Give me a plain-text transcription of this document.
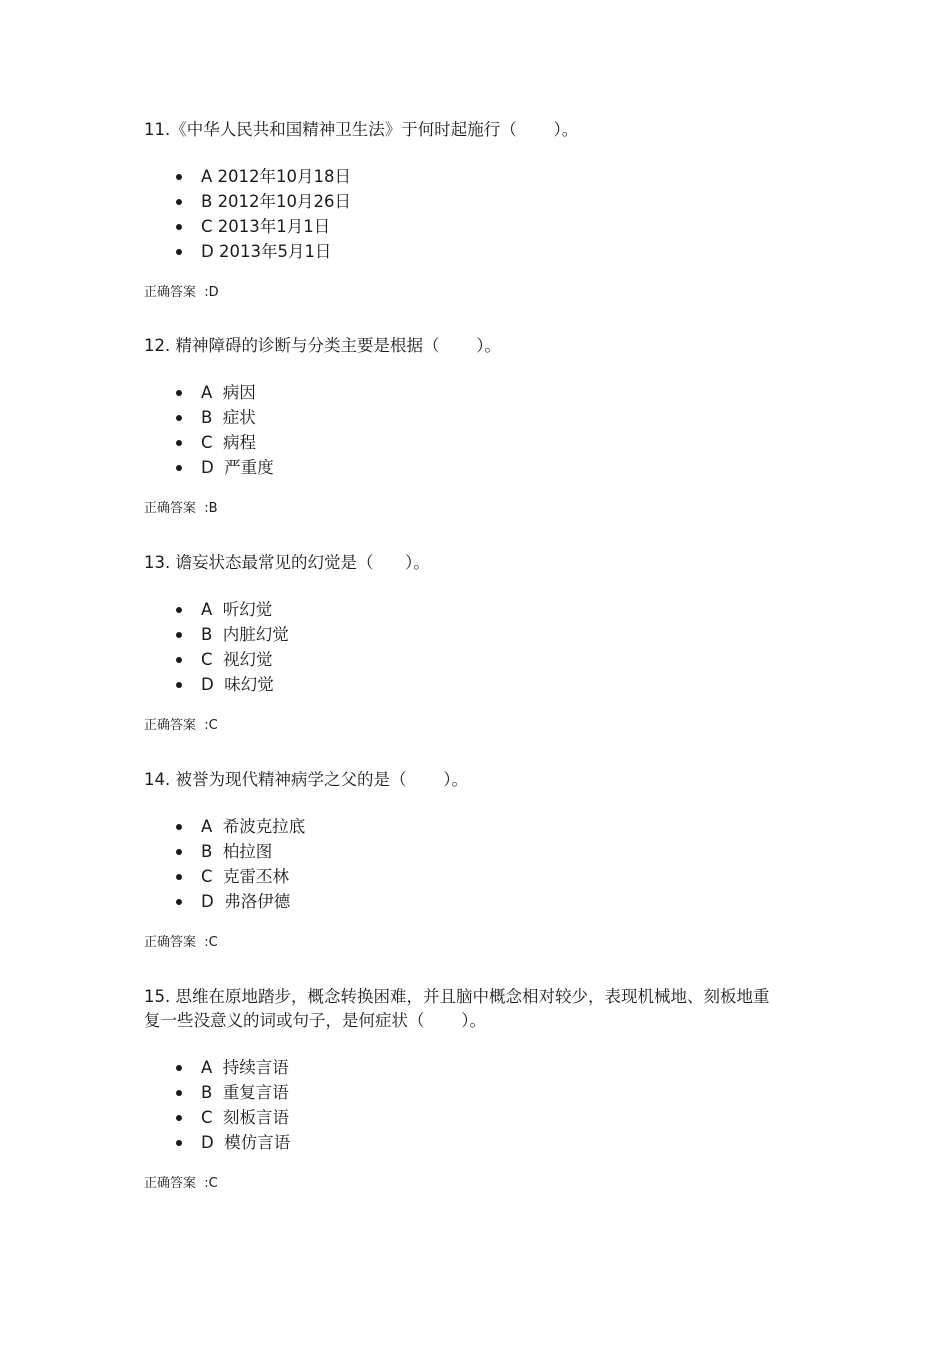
11.《中华人民共和国精神卫生法》于何时起施行（       ）。

A 2012年10月18日
B 2012年10月26日
C 2013年1月1日
D 2013年5月1日

正确答案  :D

12. 精神障碍的诊断与分类主要是根据（       ）。

A  病因
B  症状
C  病程
D  严重度

正确答案  :B

13. 谵妄状态最常见的幻觉是（      ）。

A  听幻觉
B  内脏幻觉
C  视幻觉
D  味幻觉

正确答案  :C

14. 被誉为现代精神病学之父的是（       ）。

A  希波克拉底
B  柏拉图
C  克雷丕林
D  弗洛伊德

正确答案  :C

15. 思维在原地踏步，概念转换困难，并且脑中概念相对较少，表现机械地、刻板地重复一些没意义的词或句子，是何症状（       ）。

A  持续言语
B  重复言语
C  刻板言语
D  模仿言语

正确答案  :C
